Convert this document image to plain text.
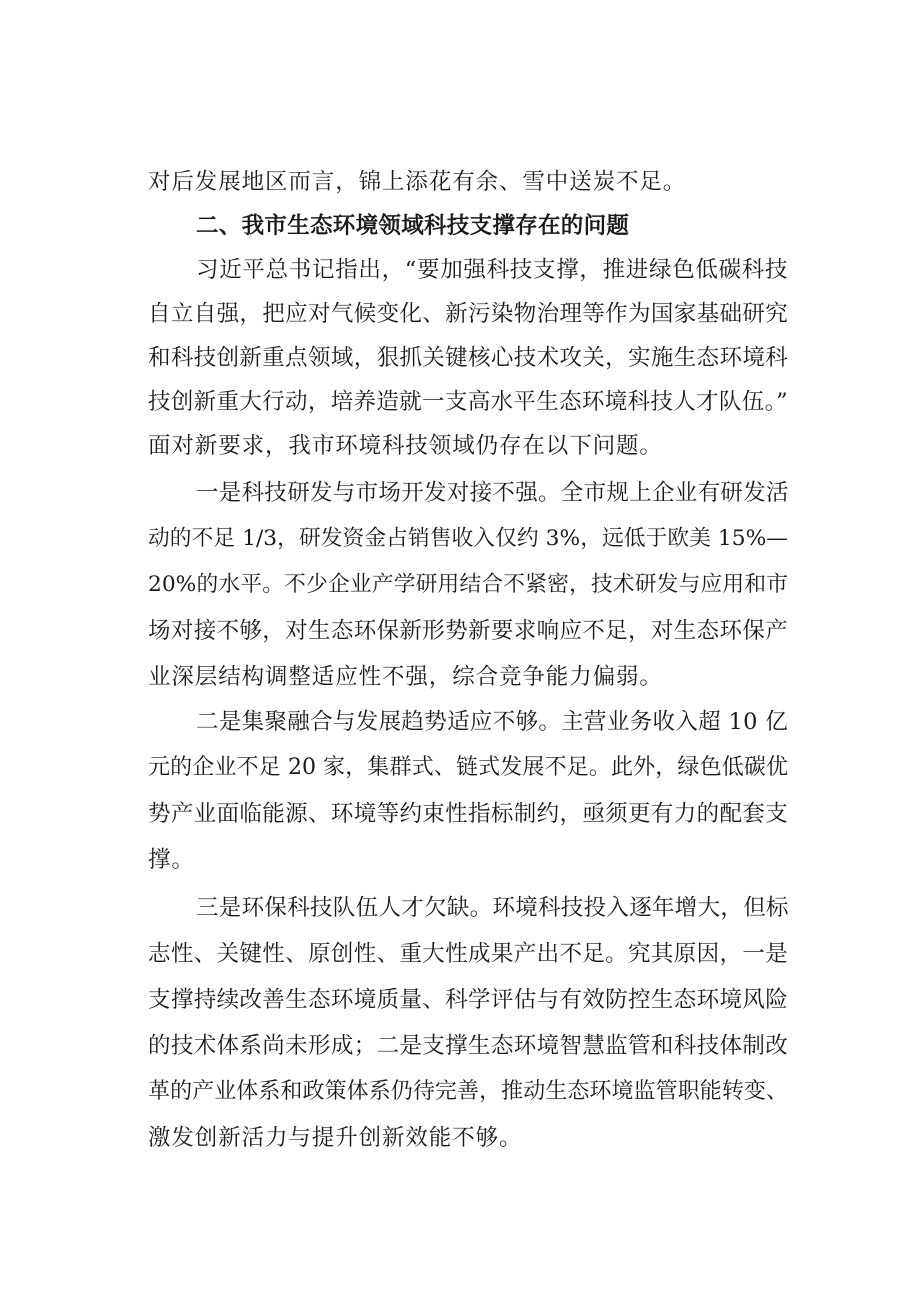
对后发展地区而言，锦上添花有余、雪中送炭不足。
二、我市生态环境领域科技支撑存在的问题
习近平总书记指出，“要加强科技支撑，推进绿色低碳科技
自立自强，把应对气候变化、新污染物治理等作为国家基础研究
和科技创新重点领域，狠抓关键核心技术攻关，实施生态环境科
技创新重大行动，培养造就一支高水平生态环境科技人才队伍。”
面对新要求，我市环境科技领域仍存在以下问题。
一是科技研发与市场开发对接不强。全市规上企业有研发活
动的不足 1/3，研发资金占销售收入仅约 3%，远低于欧美 15%—
20%的水平。不少企业产学研用结合不紧密，技术研发与应用和市
场对接不够，对生态环保新形势新要求响应不足，对生态环保产
业深层结构调整适应性不强，综合竞争能力偏弱。
二是集聚融合与发展趋势适应不够。主营业务收入超 10 亿
元的企业不足 20 家，集群式、链式发展不足。此外，绿色低碳优
势产业面临能源、环境等约束性指标制约，亟须更有力的配套支
撑。
三是环保科技队伍人才欠缺。环境科技投入逐年增大，但标
志性、关键性、原创性、重大性成果产出不足。究其原因，一是
支撑持续改善生态环境质量、科学评估与有效防控生态环境风险
的技术体系尚未形成；二是支撑生态环境智慧监管和科技体制改
革的产业体系和政策体系仍待完善，推动生态环境监管职能转变、
激发创新活力与提升创新效能不够。
